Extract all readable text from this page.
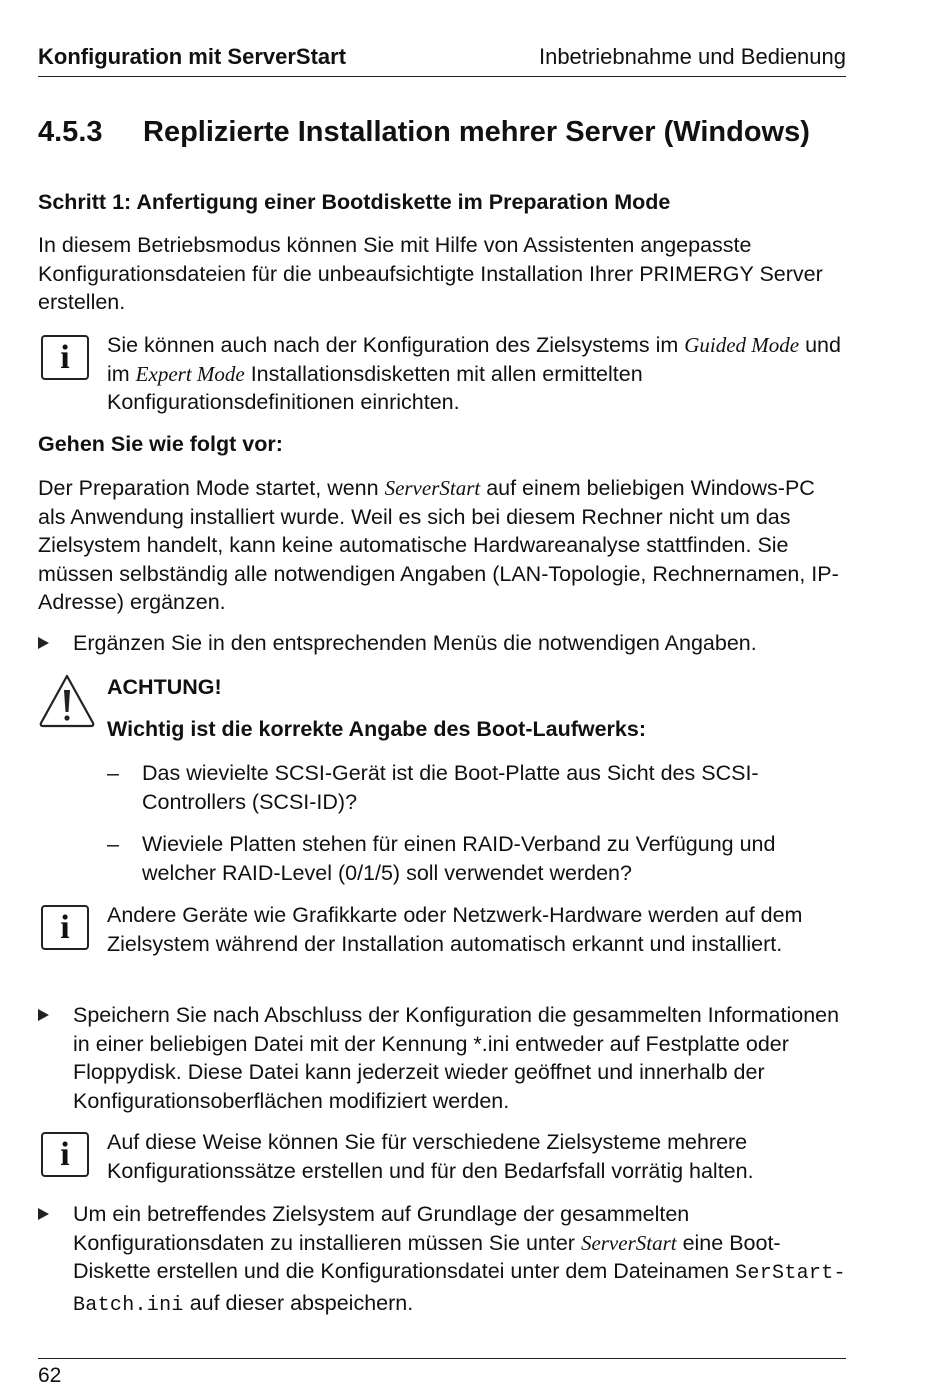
Konfiguration mit ServerStart	Inbetriebnahme und Bedienung
4.5.3 Replizierte Installation mehrer Server (Windows)
Schritt 1: Anfertigung einer Bootdiskette im Preparation Mode
In diesem Betriebsmodus können Sie mit Hilfe von Assistenten angepasste Konfigurationsdateien für die unbeaufsichtigte Installation Ihrer PRIMERGY Server erstellen.
i	Sie können auch nach der Konfiguration des Zielsystems im Guided Mode und im Expert Mode Installationsdisketten mit allen ermittelten Konfigurationsdefinitionen einrichten.
Gehen Sie wie folgt vor:
Der Preparation Mode startet, wenn ServerStart auf einem beliebigen Windows-PC als Anwendung installiert wurde. Weil es sich bei diesem Rechner nicht um das Zielsystem handelt, kann keine automatische Hardwareanalyse stattfinden. Sie müssen selbständig alle notwendigen Angaben (LAN-Topologie, Rechnernamen, IP-Adresse) ergänzen.
Ergänzen Sie in den entsprechenden Menüs die notwendigen Angaben.
ACHTUNG!
Wichtig ist die korrekte Angabe des Boot-Laufwerks:
– Das wievielte SCSI-Gerät ist die Boot-Platte aus Sicht des SCSI-Controllers (SCSI-ID)?
– Wieviele Platten stehen für einen RAID-Verband zu Verfügung und welcher RAID-Level (0/1/5) soll verwendet werden?
i	Andere Geräte wie Grafikkarte oder Netzwerk-Hardware werden auf dem Zielsystem während der Installation automatisch erkannt und installiert.
Speichern Sie nach Abschluss der Konfiguration die gesammelten Informationen in einer beliebigen Datei mit der Kennung *.ini entweder auf Festplatte oder Floppydisk. Diese Datei kann jederzeit wieder geöffnet und innerhalb der Konfigurationsoberflächen modifiziert werden.
i	Auf diese Weise können Sie für verschiedene Zielsysteme mehrere Konfigurationssätze erstellen und für den Bedarfsfall vorrätig halten.
Um ein betreffendes Zielsystem auf Grundlage der gesammelten Konfigurationsdaten zu installieren müssen Sie unter ServerStart eine Boot-Diskette erstellen und die Konfigurationsdatei unter dem Dateinamen SerStart-Batch.ini auf dieser abspeichern.
62
